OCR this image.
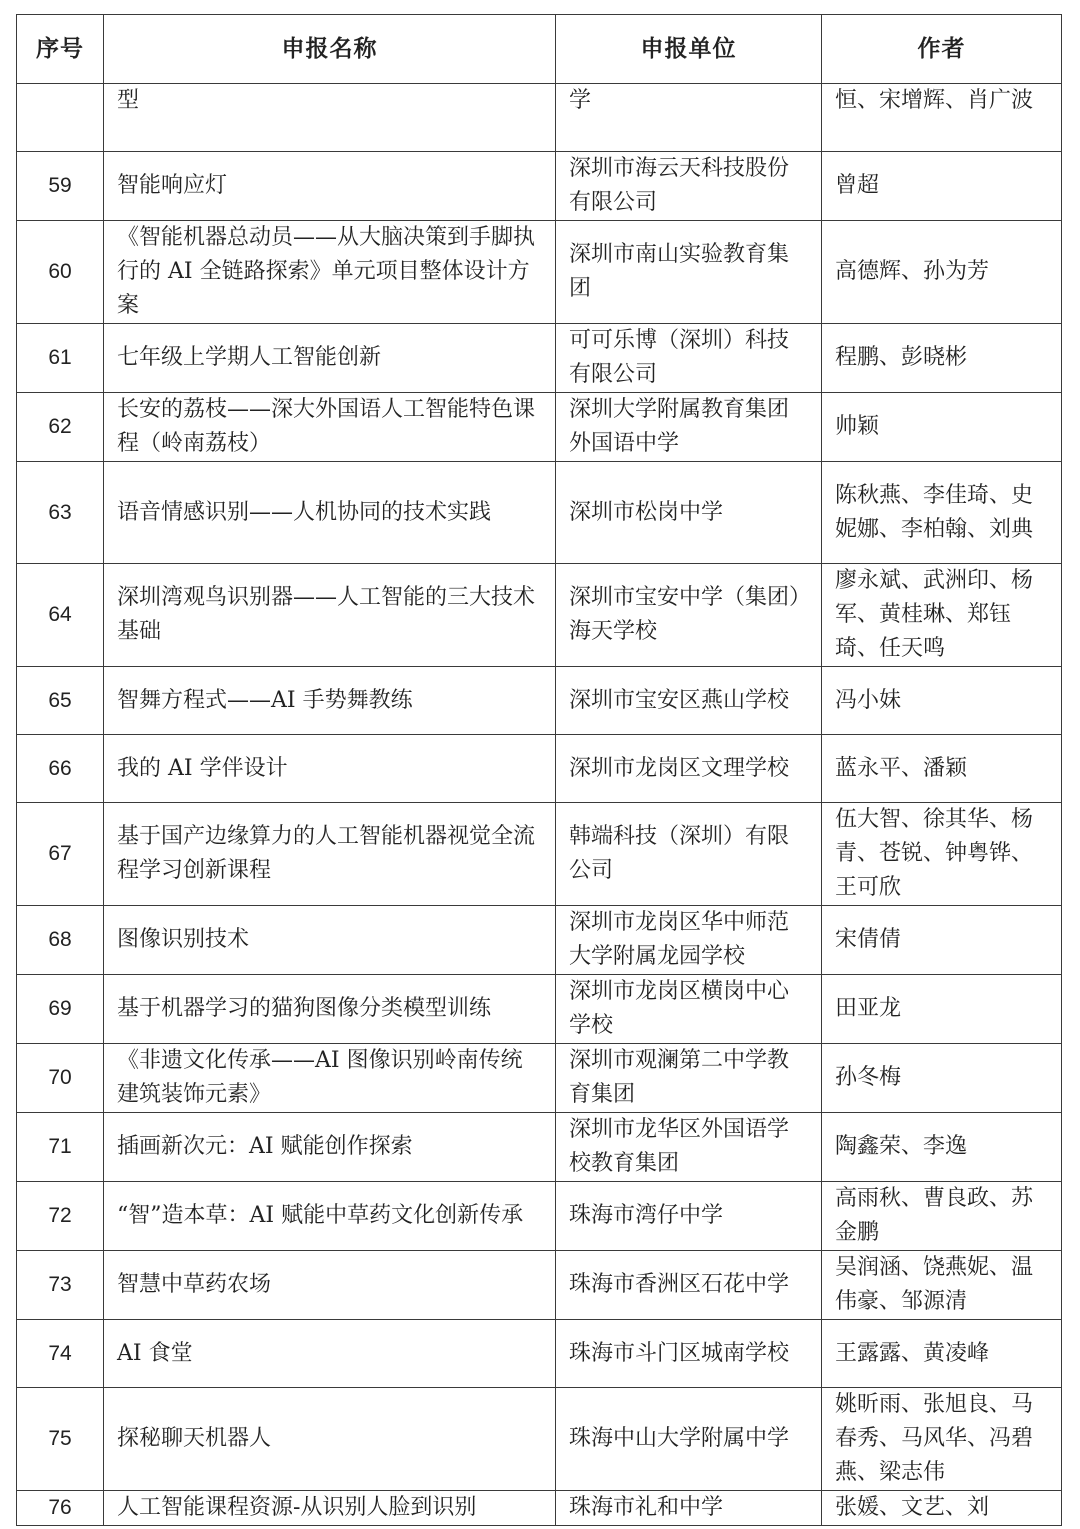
序号	申报名称	申报单位	作者
	型	学	恒、宋增辉、肖广波
59	智能响应灯	深圳市海云天科技股份有限公司	曾超
60	《智能机器总动员——从大脑决策到手脚执行的 AI 全链路探索》单元项目整体设计方案	深圳市南山实验教育集团	高德辉、孙为芳
61	七年级上学期人工智能创新	可可乐博（深圳）科技有限公司	程鹏、彭晓彬
62	长安的荔枝——深大外国语人工智能特色课程（岭南荔枝）	深圳大学附属教育集团外国语中学	帅颖
63	语音情感识别——人机协同的技术实践	深圳市松岗中学	陈秋燕、李佳琦、史妮娜、李柏翰、刘典
64	深圳湾观鸟识别器——人工智能的三大技术基础	深圳市宝安中学（集团）海天学校	廖永斌、武洲印、杨军、黄桂琳、郑钰琦、任天鸣
65	智舞方程式——AI 手势舞教练	深圳市宝安区燕山学校	冯小妹
66	我的 AI 学伴设计	深圳市龙岗区文理学校	蓝永平、潘颖
67	基于国产边缘算力的人工智能机器视觉全流程学习创新课程	韩端科技（深圳）有限公司	伍大智、徐其华、杨青、苍锐、钟粤铧、王可欣
68	图像识别技术	深圳市龙岗区华中师范大学附属龙园学校	宋倩倩
69	基于机器学习的猫狗图像分类模型训练	深圳市龙岗区横岗中心学校	田亚龙
70	《非遗文化传承——AI 图像识别岭南传统建筑装饰元素》	深圳市观澜第二中学教育集团	孙冬梅
71	插画新次元：AI 赋能创作探索	深圳市龙华区外国语学校教育集团	陶鑫荣、李逸
72	“智”造本草：AI 赋能中草药文化创新传承	珠海市湾仔中学	高雨秋、曹良政、苏金鹏
73	智慧中草药农场	珠海市香洲区石花中学	吴润涵、饶燕妮、温伟豪、邹源清
74	AI 食堂	珠海市斗门区城南学校	王露露、黄凌峰
75	探秘聊天机器人	珠海中山大学附属中学	姚昕雨、张旭良、马春秀、马风华、冯碧燕、梁志伟
76	人工智能课程资源-从识别人脸到识别	珠海市礼和中学	张媛、文艺、刘
